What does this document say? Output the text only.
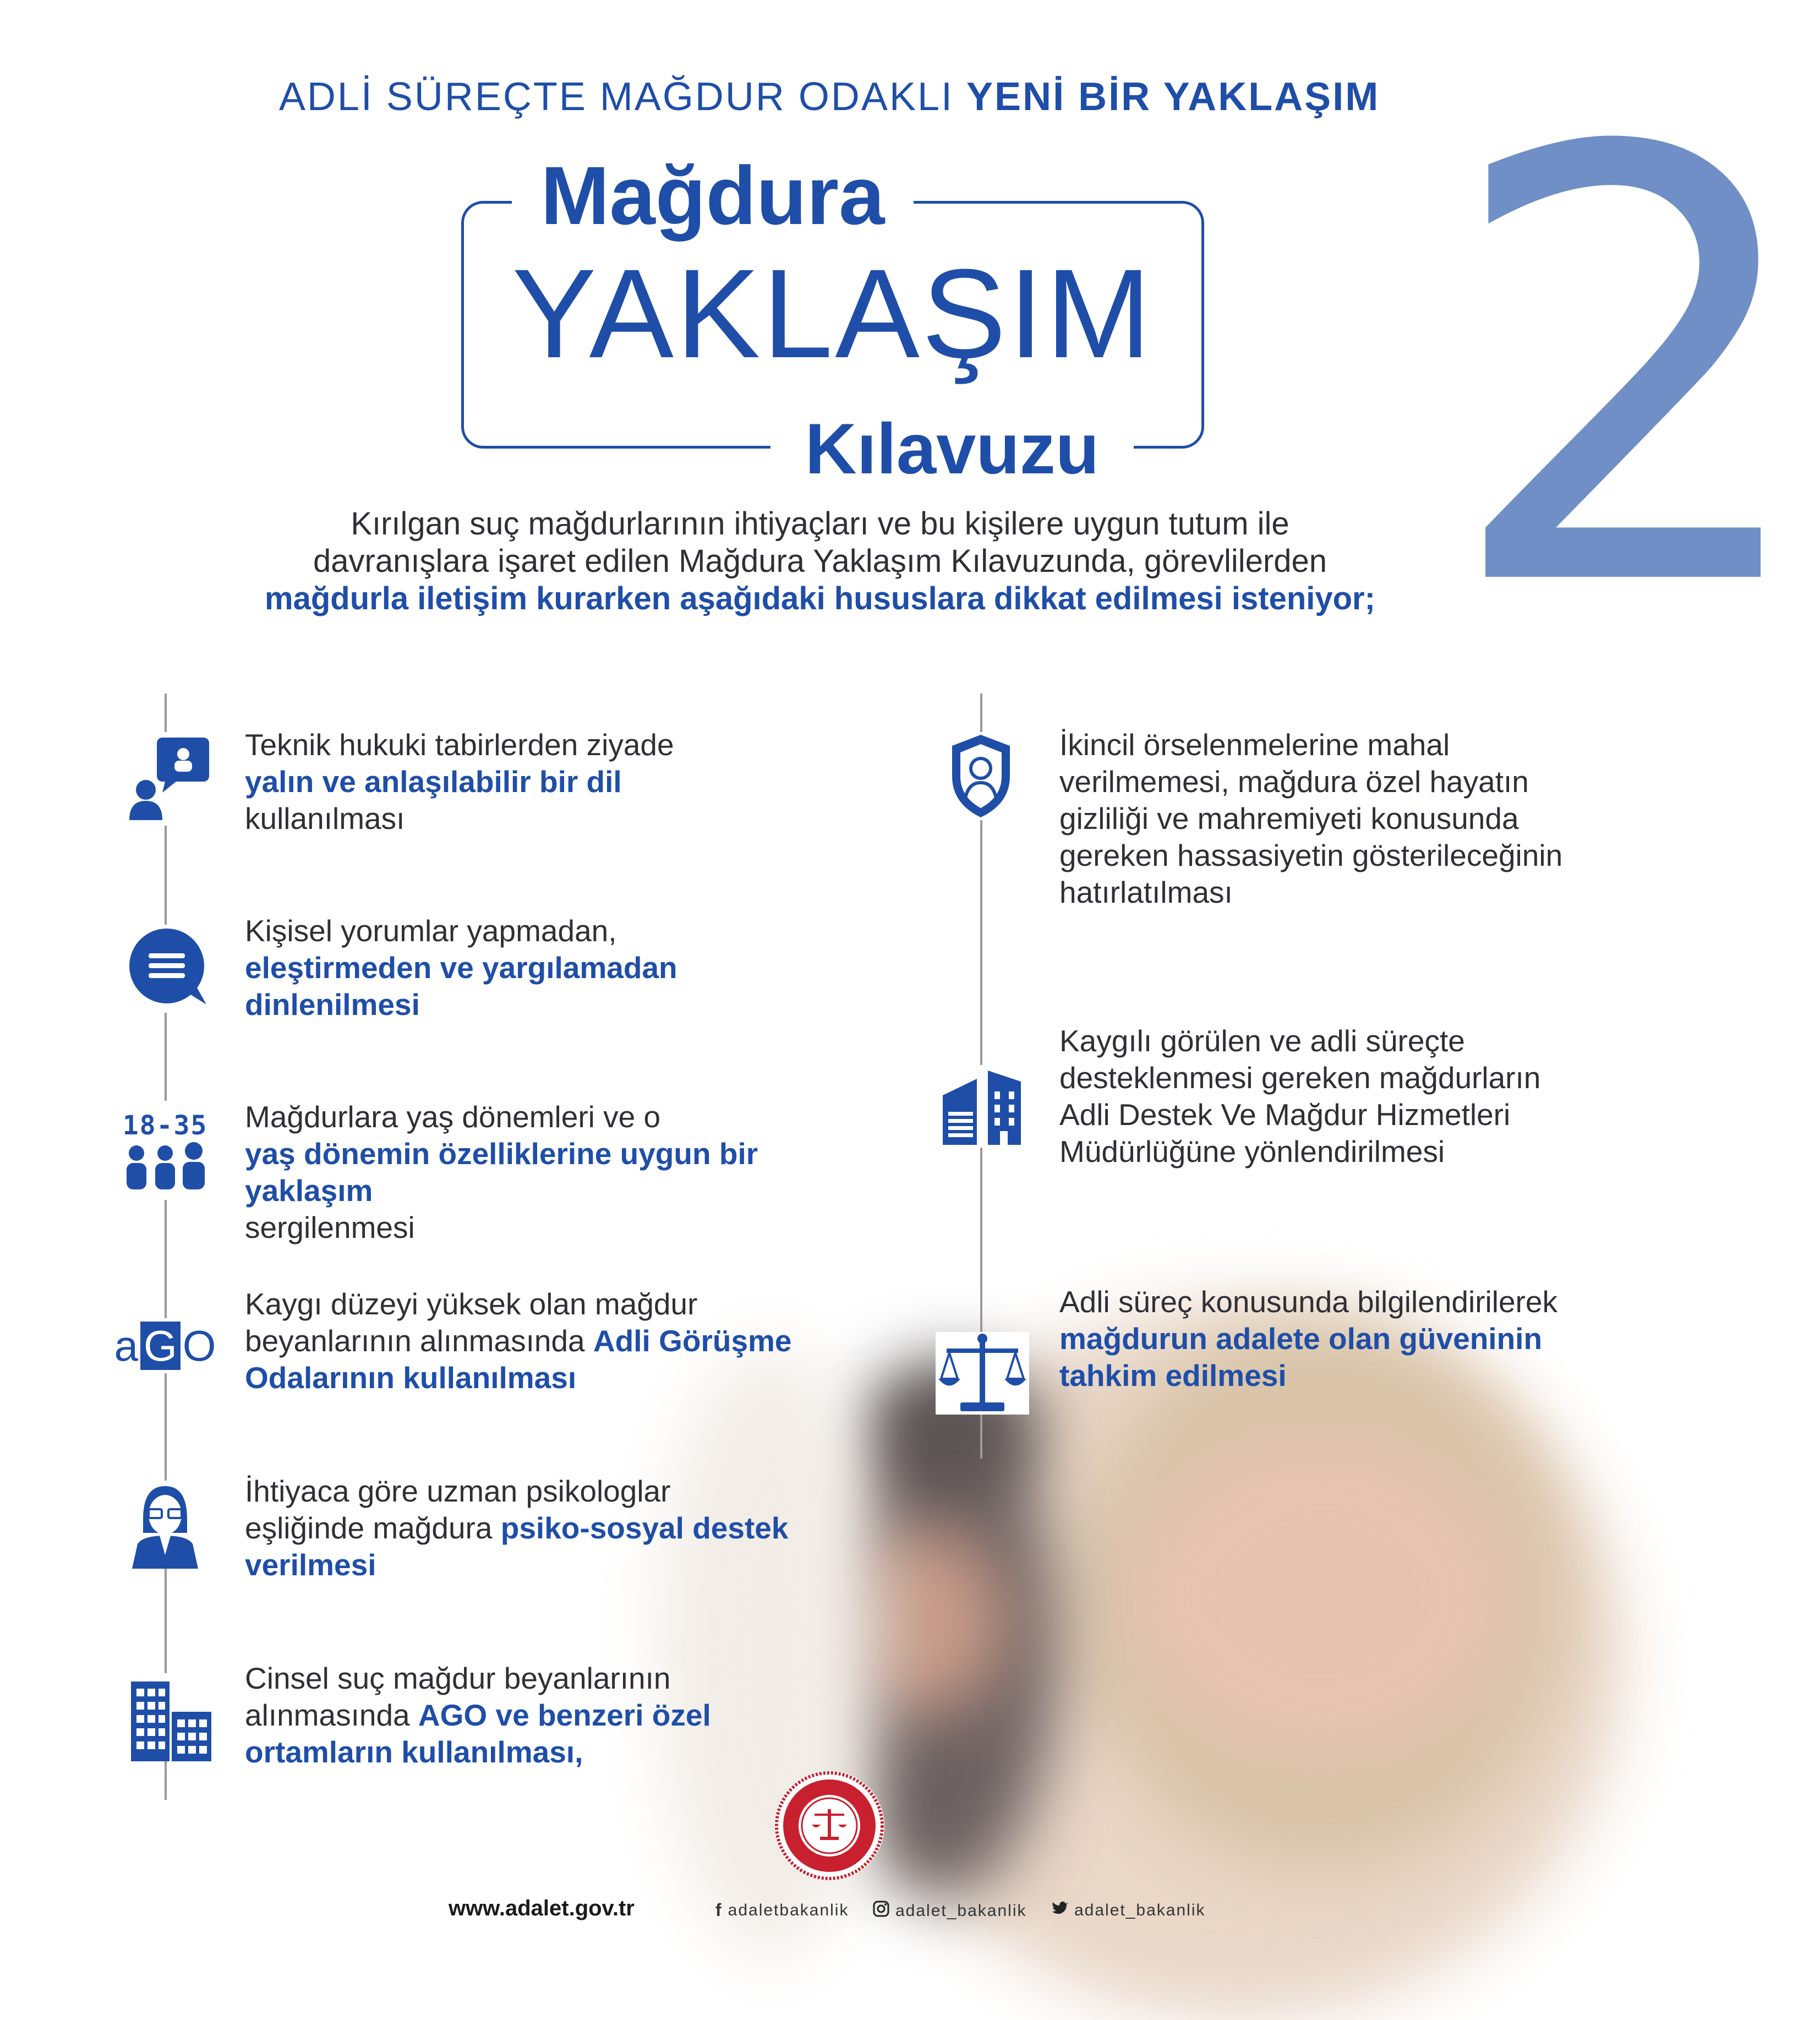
ADLİ SÜREÇTE MAĞDUR ODAKLI YENİ BİR YAKLAŞIM
Mağdura
YAKLAŞIM
Kılavuzu 2
Kırılgan suç mağdurlarının ihtiyaçları ve bu kişilere uygun tutum ile
davranışlara işaret edilen Mağdura Yaklaşım Kılavuzunda, görevlilerden
mağdurla iletişim kurarken aşağıdaki hususlara dikkat edilmesi isteniyor;
Teknik hukuki tabirlerden ziyade
yalın ve anlaşılabilir bir dil
kullanılması
Kişisel yorumlar yapmadan,
eleştirmeden ve yargılamadan dinlenilmesi
18-35 Mağdurlara yaş dönemleri ve o
yaş dönemin özelliklerine uygun bir yaklaşım sergilenmesi
a G O
Kaygı düzeyi yüksek olan mağdur beyanlarının alınmasında Adli Görüşme Odalarının kullanılması
İhtiyaca göre uzman psikologlar eşliğinde mağdura psiko-sosyal destek verilmesi
Cinsel suç mağdur beyanlarının alınmasında AGO ve benzeri özel ortamların kullanılması,
İkincil örselenmelerine mahal verilmemesi, mağdura özel hayatın gizliliği ve mahremiyeti konusunda gereken hassasiyetin gösterileceğinin hatırlatılması
Kaygılı görülen ve adli süreçte desteklenmesi gereken mağdurların Adli Destek Ve Mağdur Hizmetleri Müdürlüğüne yönlendirilmesi
Adli süreç konusunda bilgilendirilerek mağdurun adalete olan güveninin tahkim edilmesi
www.adalet.gov.tr	f adaletbakanlik	adalet_bakanlik	adalet_bakanlik
